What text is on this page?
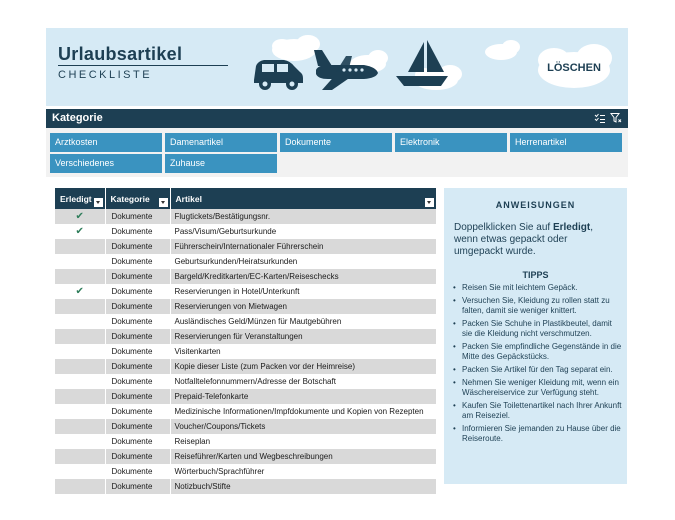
Urlaubsartikel
CHECKLISTE
LÖSCHEN
Kategorie
Arztkosten	Damenartikel	Dokumente	Elektronik	Herrenartikel
Verschiedenes	Zuhause
Erledigt	Kategorie	Artikel

✔	Dokumente	Flugtickets/Bestätigungsnr.
✔	Dokumente	Pass/Visum/Geburtsurkunde
	Dokumente	Führerschein/Internationaler Führerschein
	Dokumente	Geburtsurkunden/Heiratsurkunden
	Dokumente	Bargeld/Kreditkarten/EC-Karten/Reiseschecks
✔	Dokumente	Reservierungen in Hotel/Unterkunft
	Dokumente	Reservierungen von Mietwagen
	Dokumente	Ausländisches Geld/Münzen für Mautgebühren
	Dokumente	Reservierungen für Veranstaltungen
	Dokumente	Visitenkarten
	Dokumente	Kopie dieser Liste (zum Packen vor der Heimreise)
	Dokumente	Notfalltelefonnummern/Adresse der Botschaft
	Dokumente	Prepaid-Telefonkarte
	Dokumente	Medizinische Informationen/Impfdokumente und Kopien von Rezepten
	Dokumente	Voucher/Coupons/Tickets
	Dokumente	Reiseplan
	Dokumente	Reiseführer/Karten und Wegbeschreibungen
	Dokumente	Wörterbuch/Sprachführer
	Dokumente	Notizbuch/Stifte
ANWEISUNGEN
Doppelklicken Sie auf Erledigt, wenn etwas gepackt oder umgepackt wurde.
TIPPS
• Reisen Sie mit leichtem Gepäck.
• Versuchen Sie, Kleidung zu rollen statt zu falten, damit sie weniger knittert.
• Packen Sie Schuhe in Plastikbeutel, damit sie die Kleidung nicht verschmutzen.
• Packen Sie empfindliche Gegenstände in die Mitte des Gepäckstücks.
• Packen Sie Artikel für den Tag separat ein.
• Nehmen Sie weniger Kleidung mit, wenn ein Wäschereiservice zur Verfügung steht.
• Kaufen Sie Toilettenartikel nach Ihrer Ankunft am Reiseziel.
• Informieren Sie jemanden zu Hause über die Reiseroute.
